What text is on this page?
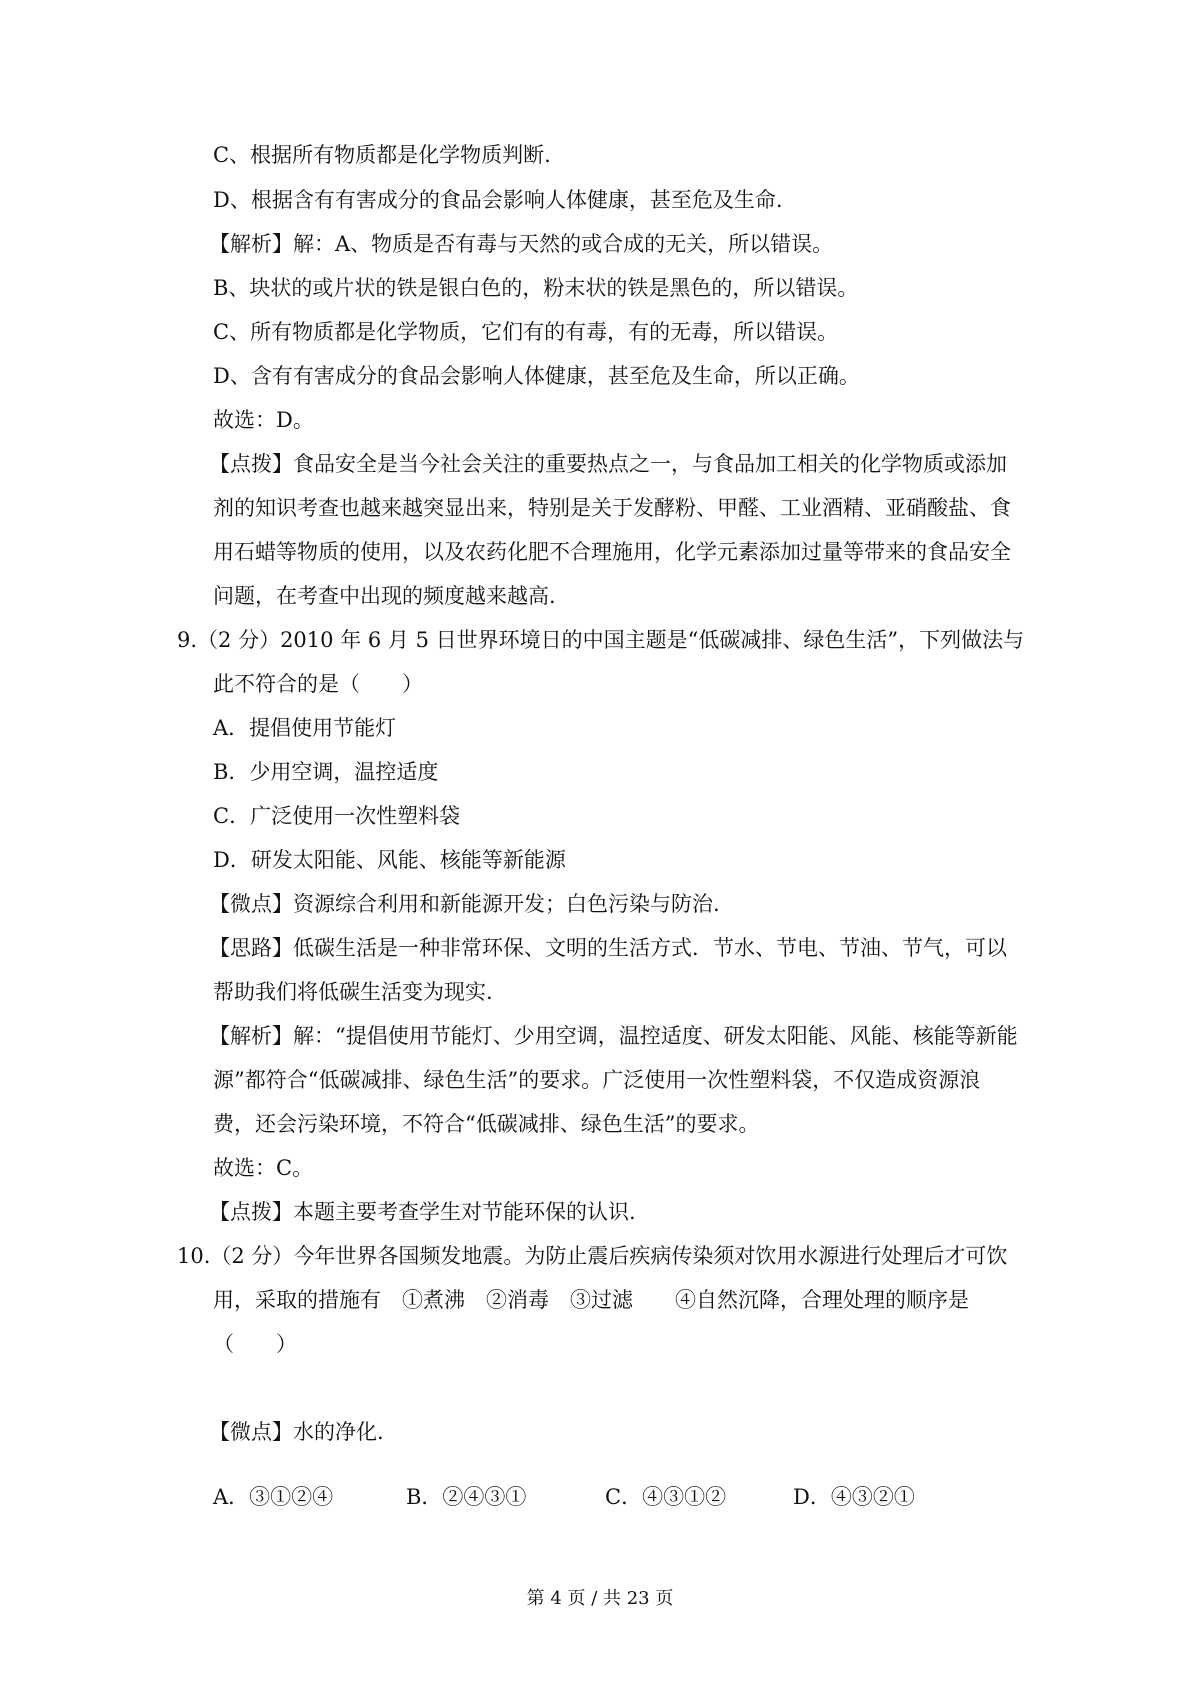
C、根据所有物质都是化学物质判断.
D、根据含有有害成分的食品会影响人体健康，甚至危及生命.
【解析】解：A、物质是否有毒与天然的或合成的无关，所以错误。
B、块状的或片状的铁是银白色的，粉末状的铁是黑色的，所以错误。
C、所有物质都是化学物质，它们有的有毒，有的无毒，所以错误。
D、含有有害成分的食品会影响人体健康，甚至危及生命，所以正确。
故选：D。
【点拨】食品安全是当今社会关注的重要热点之一，与食品加工相关的化学物质或添加
剂的知识考查也越来越突显出来，特别是关于发酵粉、甲醛、工业酒精、亚硝酸盐、食
用石蜡等物质的使用，以及农药化肥不合理施用，化学元素添加过量等带来的食品安全
问题，在考查中出现的频度越来越高.
9.（2 分）2010 年 6 月 5 日世界环境日的中国主题是“低碳减排、绿色生活”，下列做法与
此不符合的是（　　）
A．提倡使用节能灯
B．少用空调，温控适度
C．广泛使用一次性塑料袋
D．研发太阳能、风能、核能等新能源
【微点】资源综合利用和新能源开发；白色污染与防治.
【思路】低碳生活是一种非常环保、文明的生活方式．节水、节电、节油、节气，可以
帮助我们将低碳生活变为现实.
【解析】解：“提倡使用节能灯、少用空调，温控适度、研发太阳能、风能、核能等新能
源”都符合“低碳减排、绿色生活”的要求。广泛使用一次性塑料袋，不仅造成资源浪
费，还会污染环境，不符合“低碳减排、绿色生活”的要求。
故选：C。
【点拨】本题主要考查学生对节能环保的认识.
10.（2 分）今年世界各国频发地震。为防止震后疾病传染须对饮用水源进行处理后才可饮
用，采取的措施有　①煮沸　②消毒　③过滤　　④自然沉降，合理处理的顺序是
（　　）
A．③①②④	B．②④③①	C．④③①②	D．④③②①
【微点】水的净化.
第 4 页 / 共 23 页
